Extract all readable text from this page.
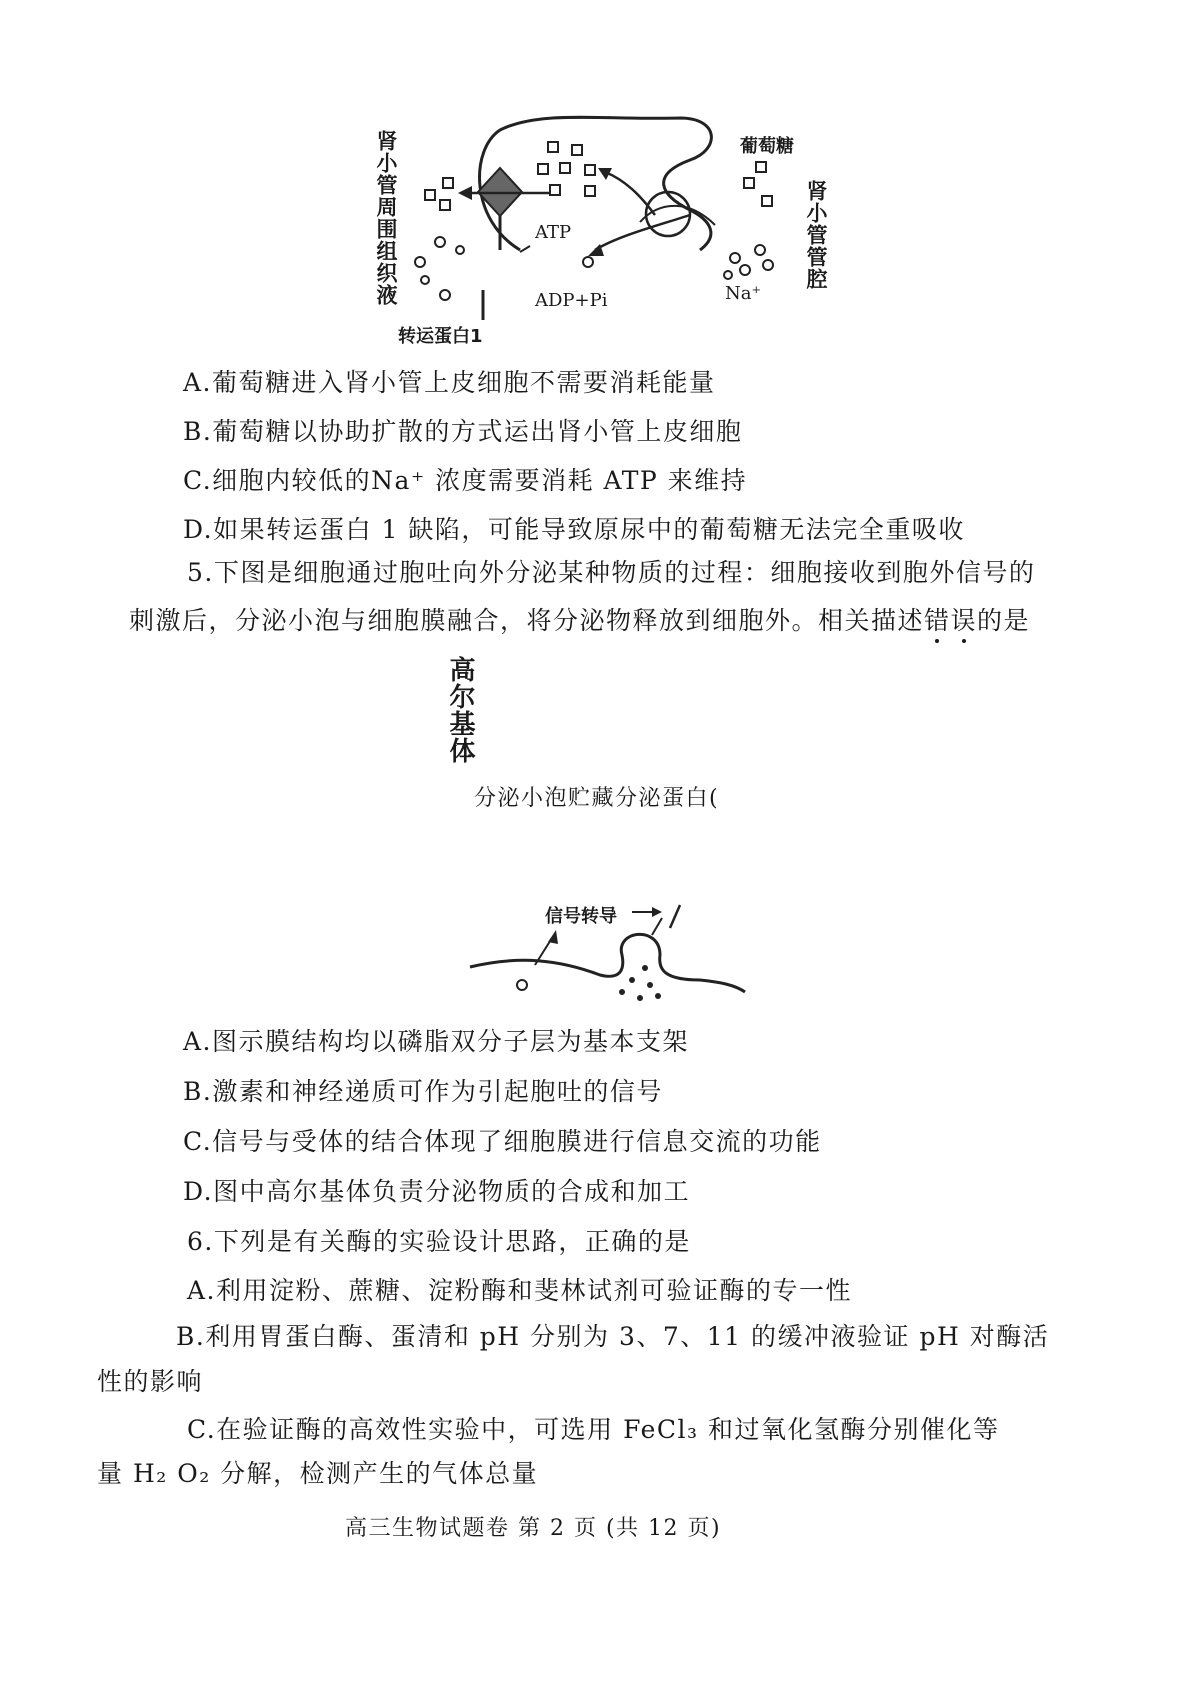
肾小管周围组织液	葡萄糖
肾小管管腔
ATP
ADP+Pi	Na⁺
转运蛋白1
A.葡萄糖进入肾小管上皮细胞不需要消耗能量
B.葡萄糖以协助扩散的方式运出肾小管上皮细胞
C.细胞内较低的Na⁺ 浓度需要消耗 ATP 来维持
D.如果转运蛋白 1 缺陷，可能导致原尿中的葡萄糖无法完全重吸收
5.下图是细胞通过胞吐向外分泌某种物质的过程：细胞接收到胞外信号的
刺激后，分泌小泡与细胞膜融合，将分泌物释放到细胞外。相关描述错误的是
高尔基体
分泌小泡贮藏分泌蛋白(
信号转导
A.图示膜结构均以磷脂双分子层为基本支架
B.激素和神经递质可作为引起胞吐的信号
C.信号与受体的结合体现了细胞膜进行信息交流的功能
D.图中高尔基体负责分泌物质的合成和加工
6.下列是有关酶的实验设计思路，正确的是
A.利用淀粉、蔗糖、淀粉酶和斐林试剂可验证酶的专一性
B.利用胃蛋白酶、蛋清和 pH 分别为 3、7、11 的缓冲液验证 pH 对酶活
性的影响
C.在验证酶的高效性实验中，可选用 FeCl₃ 和过氧化氢酶分别催化等
量 H₂ O₂ 分解，检测产生的气体总量
高三生物试题卷 第 2 页 (共 12 页)
